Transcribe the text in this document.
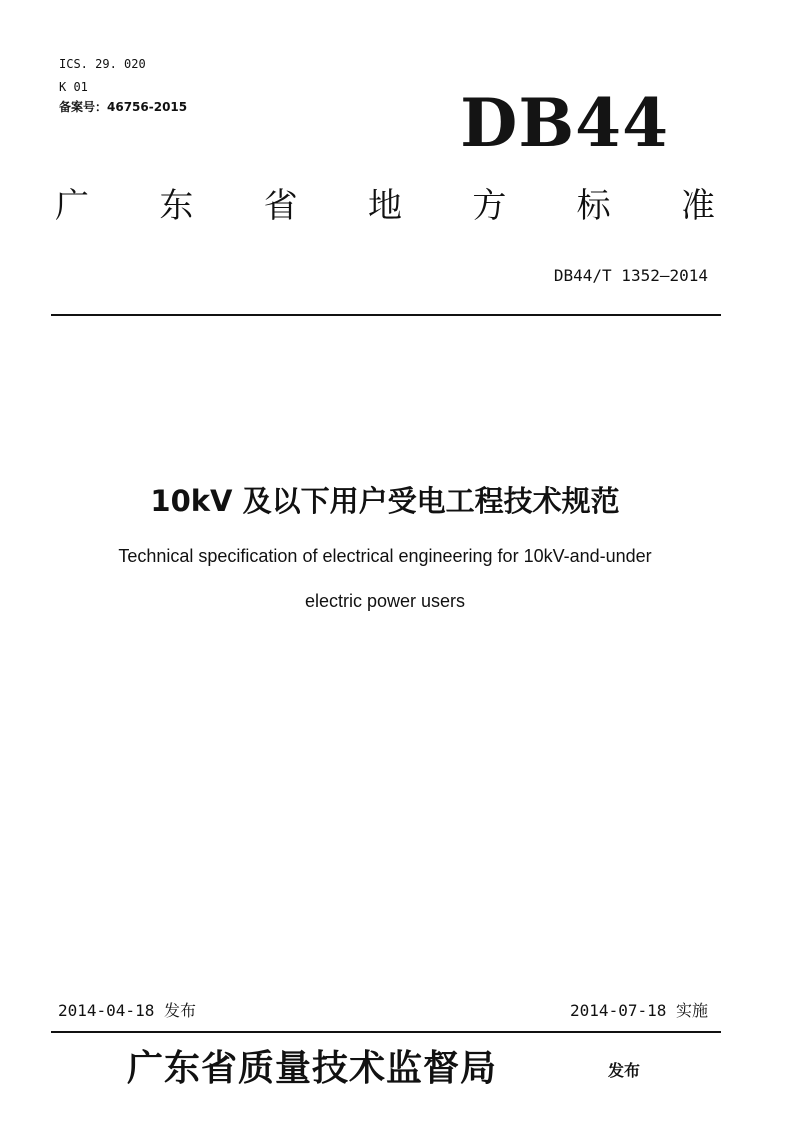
ICS. 29. 020
K 01
备案号：46756-2015	DB44
广 东 省 地 方 标 准
DB44/T 1352—2014
10kV 及以下用户受电工程技术规范
Technical specification of electrical engineering for 10kV-and-under
electric power users
2014-04-18 发布	2014-07-18 实施
广东省质量技术监督局	发布
